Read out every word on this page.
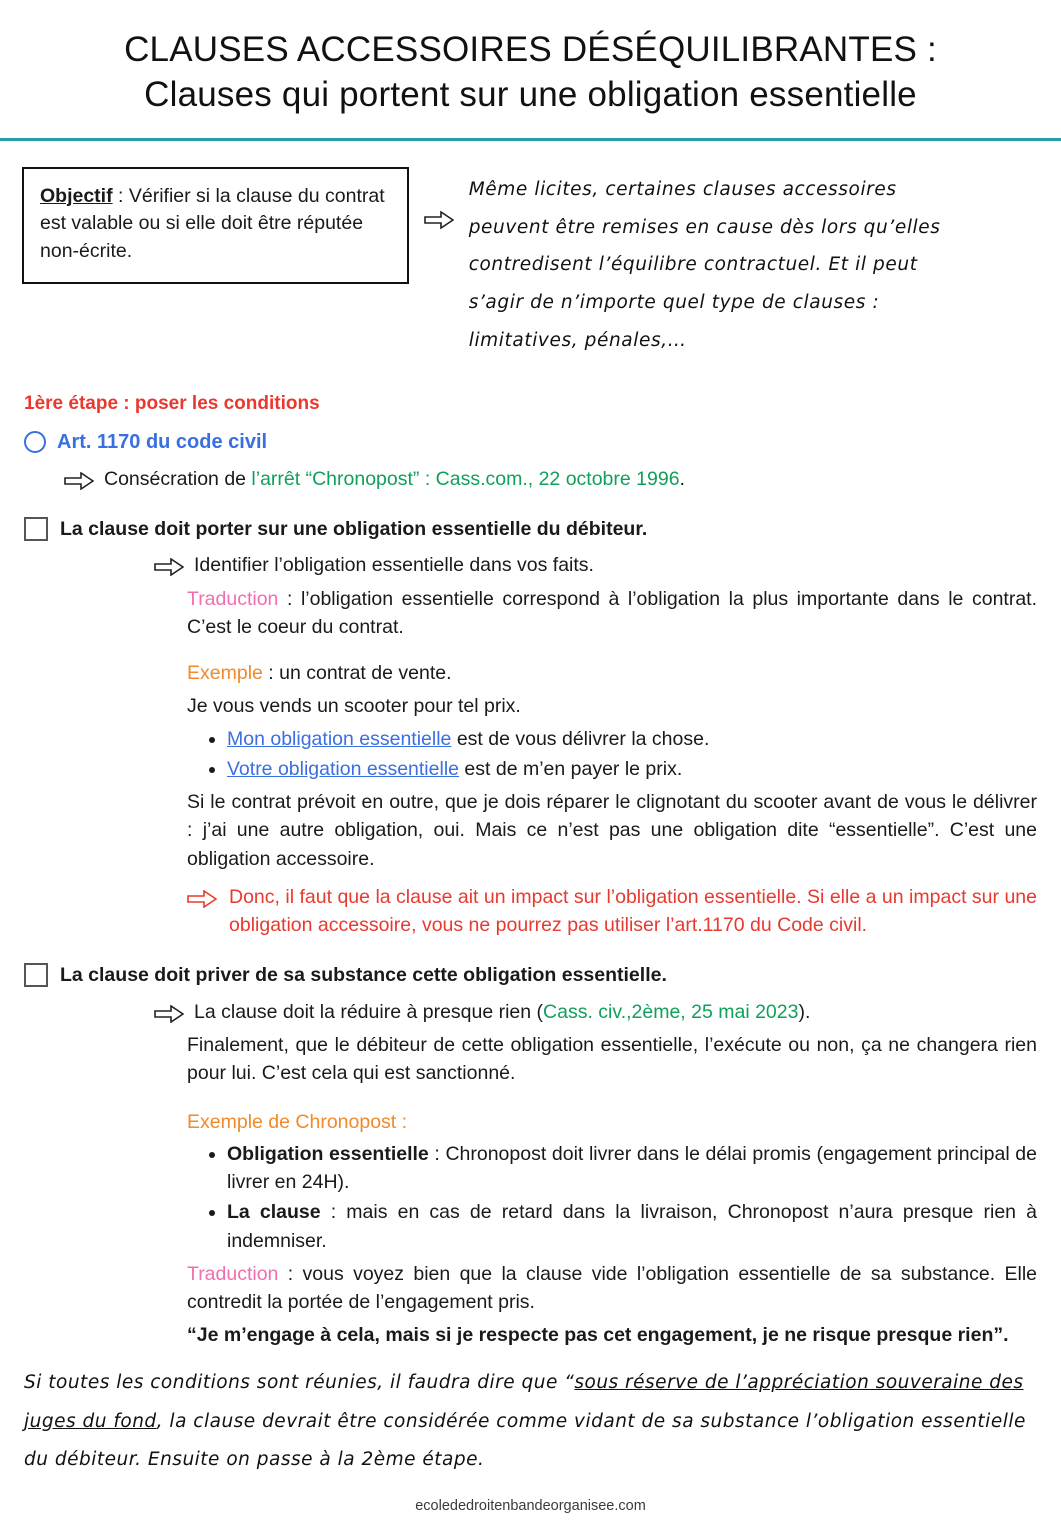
CLAUSES ACCESSOIRES DÉSÉQUILIBRANTES :
Clauses qui portent sur une obligation essentielle
Objectif : Vérifier si la clause du contrat est valable ou si elle doit être réputée non-écrite.
Même licites, certaines clauses accessoires
peuvent être remises en cause dès lors qu’elles
contredisent l’équilibre contractuel. Et il peut
s’agir de n’importe quel type de clauses :
limitatives, pénales,…
1ère étape : poser les conditions
Art. 1170 du code civil
Consécration de l’arrêt “Chronopost” : Cass.com., 22 octobre 1996.
La clause doit porter sur une obligation essentielle du débiteur.
Identifier l’obligation essentielle dans vos faits.
Traduction : l’obligation essentielle correspond à l’obligation la plus importante dans le contrat. C’est le coeur du contrat.
Exemple : un contrat de vente.
Je vous vends un scooter pour tel prix.
• Mon obligation essentielle est de vous délivrer la chose.
• Votre obligation essentielle est de m’en payer le prix.
Si le contrat prévoit en outre, que je dois réparer le clignotant du scooter avant de vous le délivrer : j’ai une autre obligation, oui. Mais ce n’est pas une obligation dite “essentielle”. C’est une obligation accessoire.
Donc, il faut que la clause ait un impact sur l’obligation essentielle. Si elle a un impact sur une obligation accessoire, vous ne pourrez pas utiliser l’art.1170 du Code civil.
La clause doit priver de sa substance cette obligation essentielle.
La clause doit la réduire à presque rien (Cass. civ.,2ème, 25 mai 2023).
Finalement, que le débiteur de cette obligation essentielle, l’exécute ou non, ça ne changera rien pour lui. C’est cela qui est sanctionné.
Exemple de Chronopost :
• Obligation essentielle : Chronopost doit livrer dans le délai promis (engagement principal de livrer en 24H).
• La clause : mais en cas de retard dans la livraison, Chronopost n’aura presque rien à indemniser.
Traduction : vous voyez bien que la clause vide l’obligation essentielle de sa substance. Elle contredit la portée de l’engagement pris.
“Je m’engage à cela, mais si je respecte pas cet engagement, je ne risque presque rien”.
Si toutes les conditions sont réunies, il faudra dire que “sous réserve de l’appréciation souveraine des juges du fond, la clause devrait être considérée comme vidant de sa substance l’obligation essentielle du débiteur. Ensuite on passe à la 2ème étape.
ecolededroitenbandeorganisee.com
